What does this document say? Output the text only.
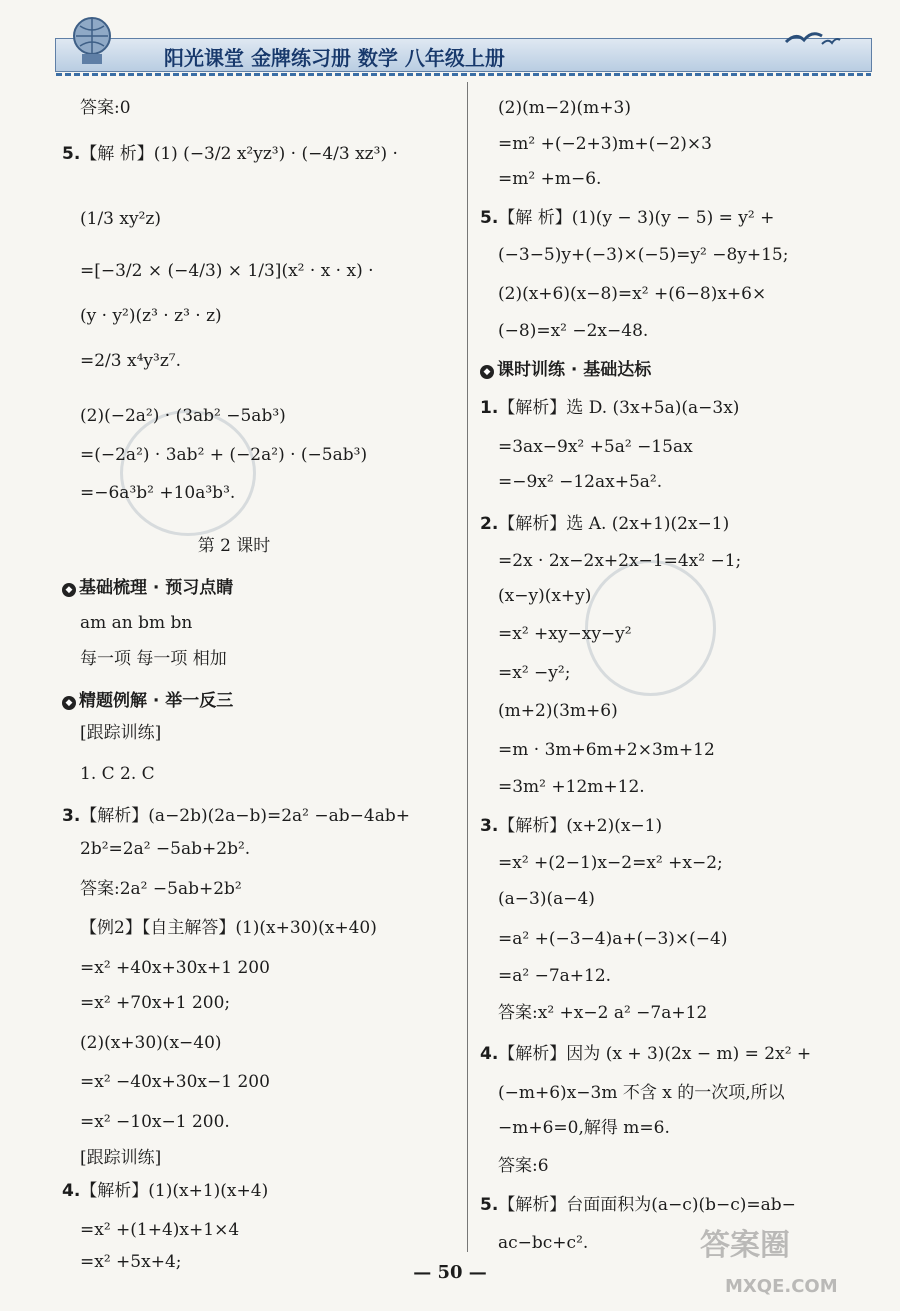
阳光课堂 金牌练习册 数学 八年级上册
答案:0
5.【解 析】(1) (−3/2 x²yz³) · (−4/3 xz³) ·
(1/3 xy²z)
=[−3/2 × (−4/3) × 1/3](x² · x · x) ·
(y · y²)(z³ · z³ · z)
=2/3 x⁴y³z⁷.
(2)(−2a²) · (3ab² −5ab³)
=(−2a²) · 3ab² + (−2a²) · (−5ab³)
=−6a³b² +10a³b³.
第 2 课时
◆ 基础梳理 · 预习点睛
am an bm bn
每一项 每一项 相加
◆ 精题例解 · 举一反三
[跟踪训练]
1. C 2. C
3.【解析】(a−2b)(2a−b)=2a² −ab−4ab+
2b²=2a² −5ab+2b².
答案:2a² −5ab+2b²
【例2】【自主解答】(1)(x+30)(x+40)
=x² +40x+30x+1 200
=x² +70x+1 200;
(2)(x+30)(x−40)
=x² −40x+30x−1 200
=x² −10x−1 200.
[跟踪训练]
4.【解析】(1)(x+1)(x+4)
=x² +(1+4)x+1×4
=x² +5x+4;
(2)(m−2)(m+3)
=m² +(−2+3)m+(−2)×3
=m² +m−6.
5.【解 析】(1)(y − 3)(y − 5) = y² +
(−3−5)y+(−3)×(−5)=y² −8y+15;
(2)(x+6)(x−8)=x² +(6−8)x+6×
(−8)=x² −2x−48.
◆ 课时训练 · 基础达标
1.【解析】选 D. (3x+5a)(a−3x)
=3ax−9x² +5a² −15ax
=−9x² −12ax+5a².
2.【解析】选 A. (2x+1)(2x−1)
=2x · 2x−2x+2x−1=4x² −1;
(x−y)(x+y)
=x² +xy−xy−y²
=x² −y²;
(m+2)(3m+6)
=m · 3m+6m+2×3m+12
=3m² +12m+12.
3.【解析】(x+2)(x−1)
=x² +(2−1)x−2=x² +x−2;
(a−3)(a−4)
=a² +(−3−4)a+(−3)×(−4)
=a² −7a+12.
答案:x² +x−2 a² −7a+12
4.【解析】因为 (x + 3)(2x − m) = 2x² +
(−m+6)x−3m 不含 x 的一次项,所以
−m+6=0,解得 m=6.
答案:6
5.【解析】台面面积为(a−c)(b−c)=ab−
ac−bc+c².
— 50 —
答案圈
MXQE.COM
